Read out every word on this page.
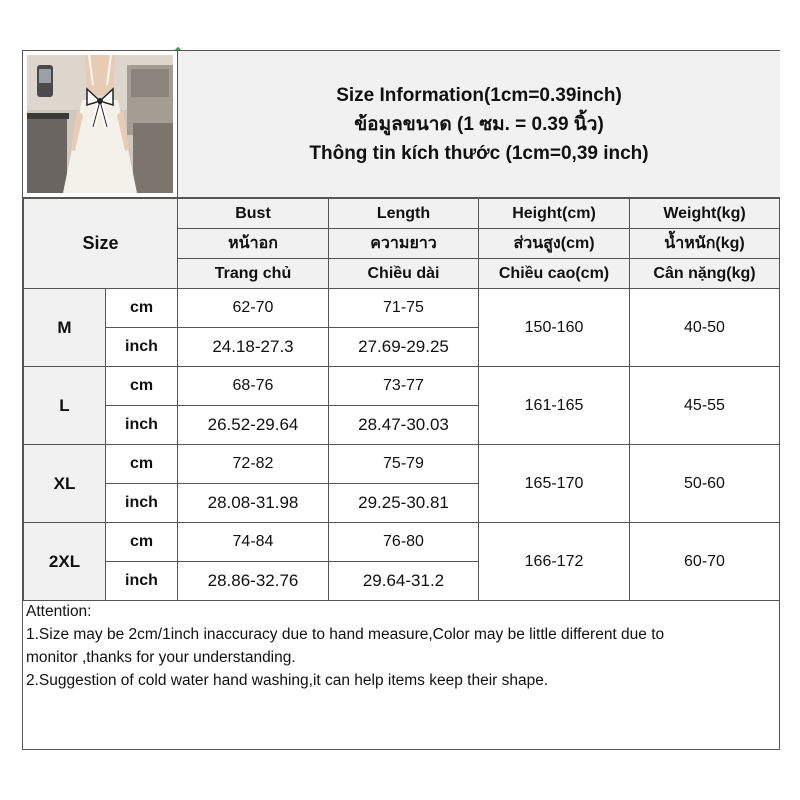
Size Information(1cm=0.39inch)
ข้อมูลขนาด (1 ซม. = 0.39 นิ้ว)
Thông tin kích thước (1cm=0,39 inch)
Size		Bust	Length	Height(cm)	Weight(kg)
		หน้าอก	ความยาว	ส่วนสูง(cm)	น้ำหนัก(kg)
		Trang chủ	Chiều dài	Chiều cao(cm)	Cân nặng(kg)
M	cm	62-70	71-75	150-160	40-50
	inch	24.18-27.3	27.69-29.25		
L	cm	68-76	73-77	161-165	45-55
	inch	26.52-29.64	28.47-30.03		
XL	cm	72-82	75-79	165-170	50-60
	inch	28.08-31.98	29.25-30.81		
2XL	cm	74-84	76-80	166-172	60-70
	inch	28.86-32.76	29.64-31.2		

Attention:

1.Size may be 2cm/1inch inaccuracy due to hand measure,Color may be little different due to

monitor ,thanks for your understanding.

2.Suggestion of cold water hand washing,it can help items keep their shape.
